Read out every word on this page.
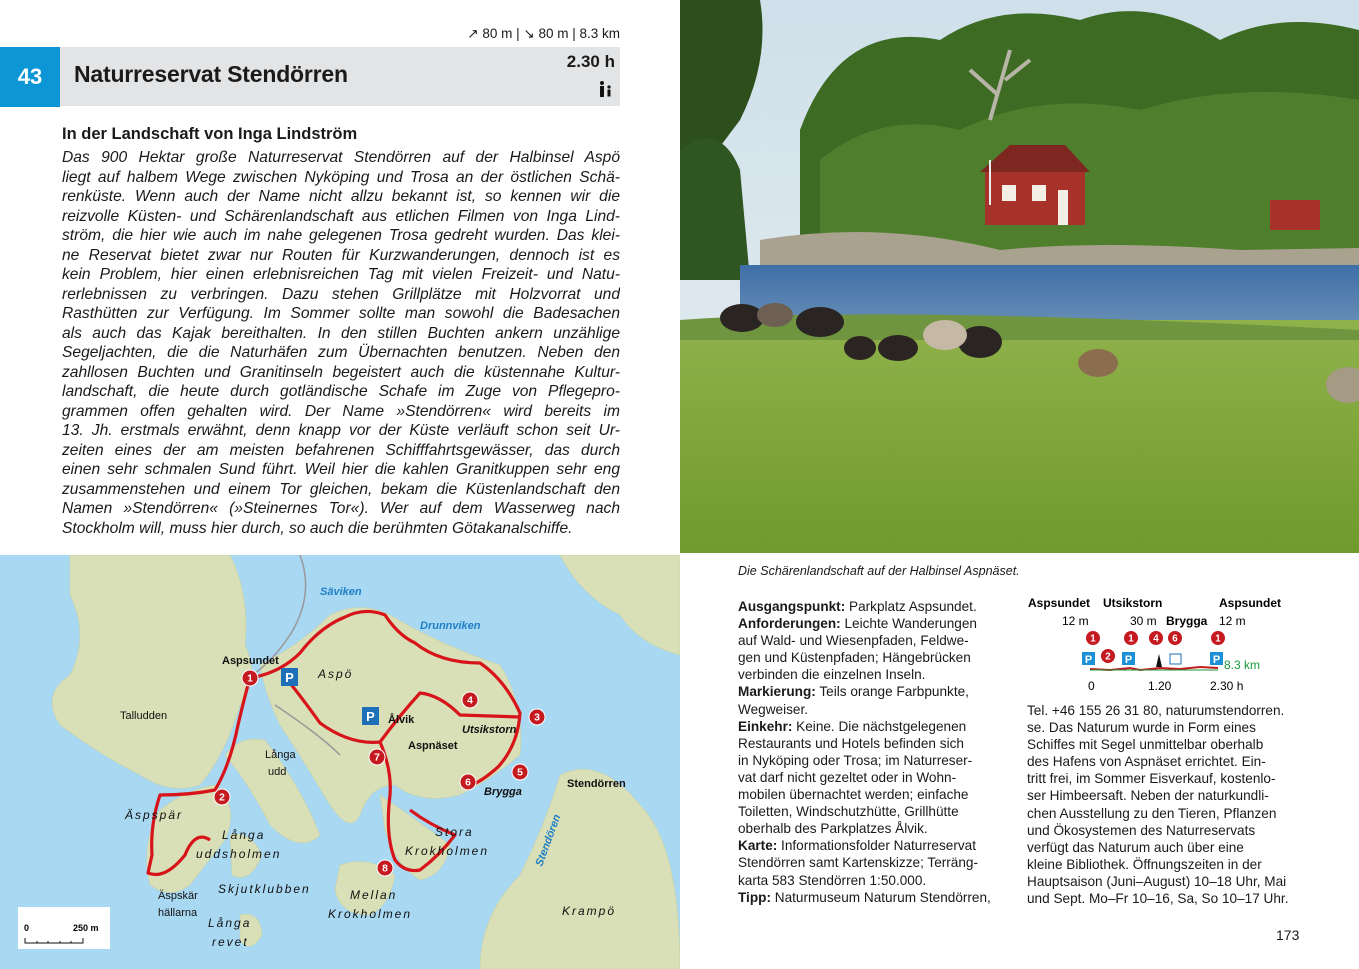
↗ 80 m | ↘ 80 m | 8.3 km
43	Naturreservat Stendörren	2.30 h
In der Landschaft von Inga Lindström
Das 900 Hektar große Naturreservat Stendörren auf der Halbinsel Aspö
liegt auf halbem Wege zwischen Nyköping und Trosa an der östlichen Schä-
renküste. Wenn auch der Name nicht allzu bekannt ist, so kennen wir die
reizvolle Küsten- und Schärenlandschaft aus etlichen Filmen von Inga Lind-
ström, die hier wie auch im nahe gelegenen Trosa gedreht wurden. Das klei-
ne Reservat bietet zwar nur Routen für Kurzwanderungen, dennoch ist es
kein Problem, hier einen erlebnisreichen Tag mit vielen Freizeit- und Natu-
rerlebnissen zu verbringen. Dazu stehen Grillplätze mit Holzvorrat und
Rasthütten zur Verfügung. Im Sommer sollte man sowohl die Badesachen
als auch das Kajak bereithalten. In den stillen Buchten ankern unzählige
Segeljachten, die die Naturhäfen zum Übernachten benutzen. Neben den
zahllosen Buchten und Granitinseln begeistert auch die küstennahe Kultur-
landschaft, die heute durch gotländische Schafe im Zuge von Pflegepro-
grammen offen gehalten wird. Der Name »Stendörren« wird bereits im
13. Jh. erstmals erwähnt, denn knapp vor der Küste verläuft schon seit Ur-
zeiten eines der am meisten befahrenen Schifffahrtsgewässer, das durch
einen sehr schmalen Sund führt. Weil hier die kahlen Granitkuppen sehr eng
zusammenstehen und einem Tor gleichen, bekam die Küstenlandschaft den
Namen »Stendörren« (»Steinernes Tor«). Wer auf dem Wasserweg nach
Stockholm will, muss hier durch, so auch die berühmten Götakanalschiffe.
1
2
3
4
5
6
7
8
P
P
Säviken
Drunnviken
Aspsundet
Talludden
Aspö
Ålvik
Utsikstorn
Aspnäset
Långa
udd
Brygga
Stendörren
Stendören
Äspspär
Långa
uddsholmen
Stora
Krokholmen
Skjutklubben	Mellan
Krokholmen
Äspskär
hällarna
Långa
revet
Krampö
0	250 m
Die Schärenlandschaft auf der Halbinsel Aspnäset.
Ausgangspunkt: Parkplatz Aspsundet.
Anforderungen: Leichte Wanderungen
auf Wald- und Wiesenpfaden, Feldwe-
gen und Küstenpfaden; Hängebrücken
verbinden die einzelnen Inseln.
Markierung: Teils orange Farbpunkte,
Wegweiser.
Einkehr: Keine. Die nächstgelegenen
Restaurants und Hotels befinden sich
in Nyköping oder Trosa; im Naturreser-
vat darf nicht gezeltet oder in Wohn-
mobilen übernachtet werden; einfache
Toiletten, Windschutzhütte, Grillhütte
oberhalb des Parkplatzes Ålvik.
Karte: Informationsfolder Naturreservat
Stendörren samt Kartenskizze; Terräng-
karta 583 Stendörren 1:50.000.
Tipp: Naturmuseum Naturum Stendörren,
Aspsundet
12 m
Utsikstorn
30 m Brygga
Aspsundet
12 m
1
2
1 4 6	1
P	P	P 8.3 km
0	1.20	2.30 h
Tel. +46 155 26 31 80, naturumstendorren.
se. Das Naturum wurde in Form eines
Schiffes mit Segel unmittelbar oberhalb
des Hafens von Aspnäset errichtet. Ein-
tritt frei, im Sommer Eisverkauf, kostenlo-
ser Himbeersaft. Neben der naturkundli-
chen Ausstellung zu den Tieren, Pflanzen
und Ökosystemen des Naturreservats
verfügt das Naturum auch über eine
kleine Bibliothek. Öffnungszeiten in der
Hauptsaison (Juni–August) 10–18 Uhr, Mai
und Sept. Mo–Fr 10–16, Sa, So 10–17 Uhr.
173
